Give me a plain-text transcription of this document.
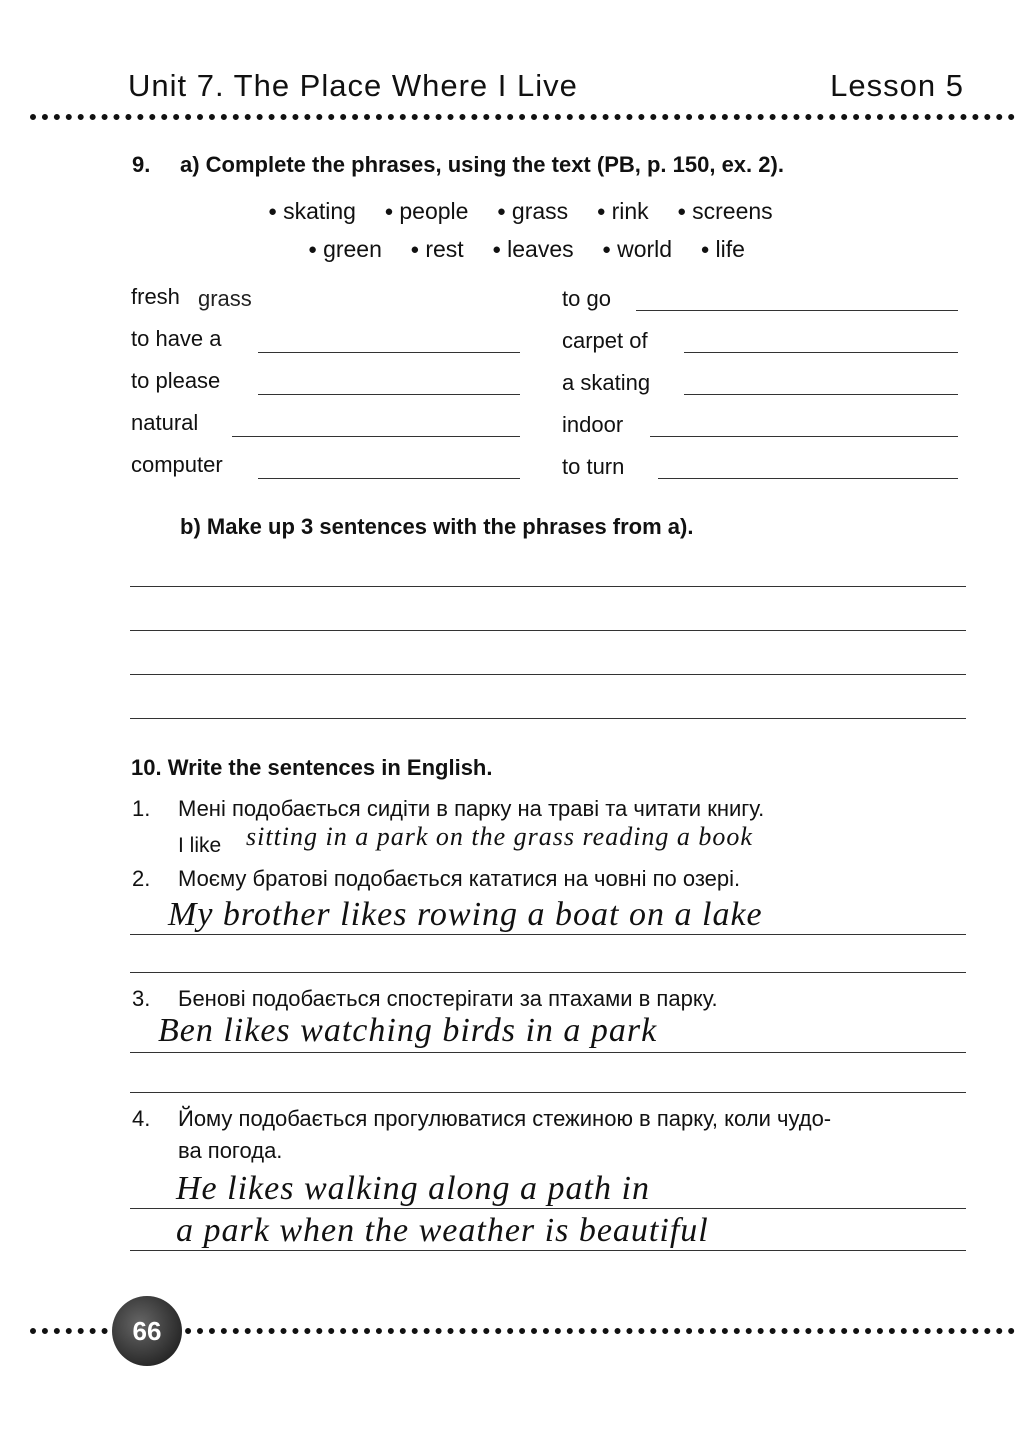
Unit 7. The Place Where I Live	Lesson 5
9. a) Complete the phrases, using the text (PB, p. 150, ex. 2).
● skating ● people ● grass ● rink ● screens
● green ● rest ● leaves ● world ● life
fresh grass
to have a
to please
natural
computer
to go
carpet of
a skating
indoor
to turn
b) Make up 3 sentences with the phrases from a).
10. Write the sentences in English.
1. Мені подобається сидіти в парку на траві та читати книгу.
I like sitting in a park on the grass reading a book
2. Моєму братові подобається кататися на човні по озері.
My brother likes rowing a boat on a lake
3. Бенові подобається спостерігати за птахами в парку.
Ben likes watching birds in a park
4. Йому подобається прогулюватися стежиною в парку, коли чудо-
ва погода.
He likes walking along a path in
a park when the weather is beautiful
66
